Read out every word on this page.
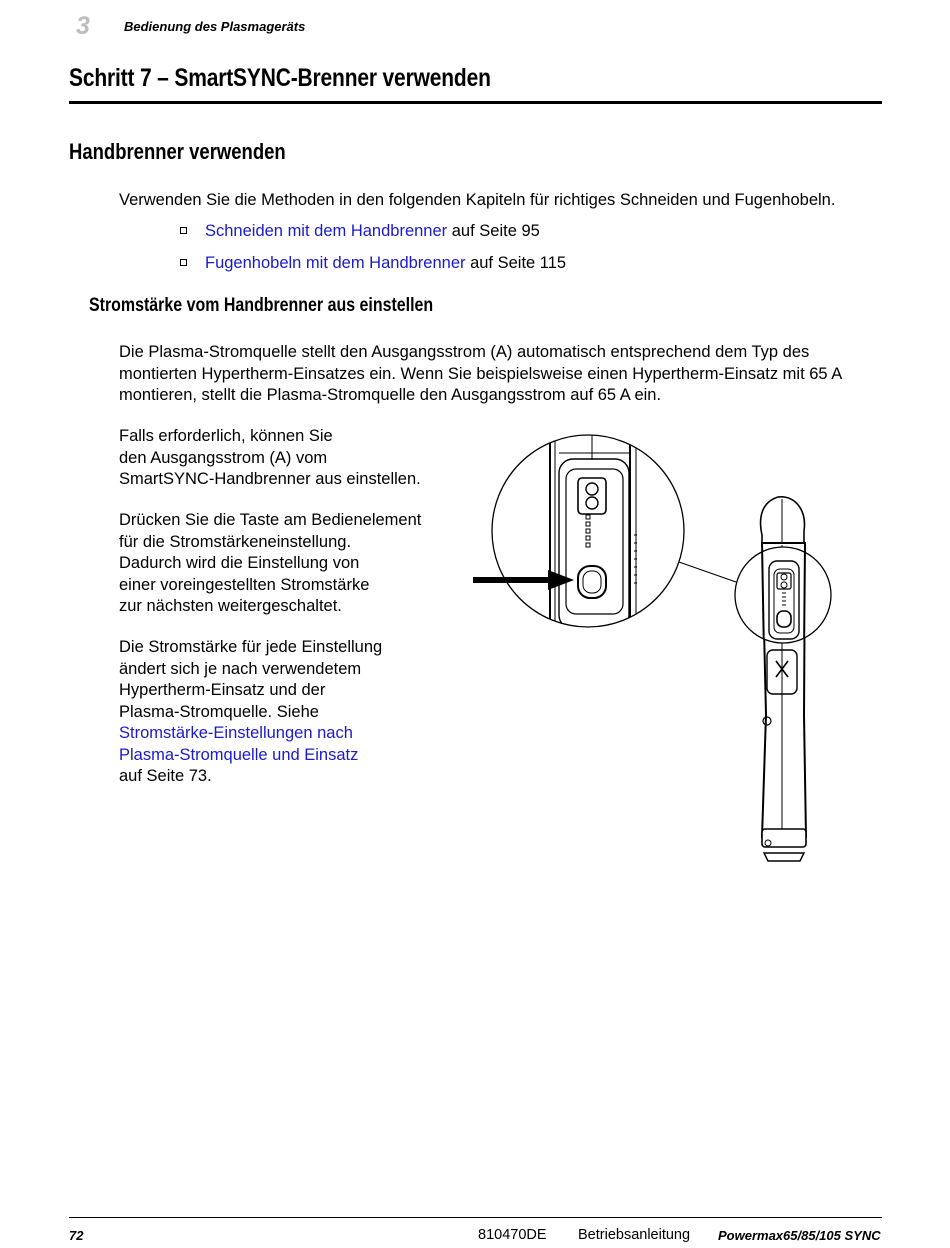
3	Bedienung des Plasmageräts
Schritt 7 – SmartSYNC-Brenner verwenden
Handbrenner verwenden
Verwenden Sie die Methoden in den folgenden Kapiteln für richtiges Schneiden und Fugenhobeln.
Schneiden mit dem Handbrenner auf Seite 95
Fugenhobeln mit dem Handbrenner auf Seite 115
Stromstärke vom Handbrenner aus einstellen
Die Plasma-Stromquelle stellt den Ausgangsstrom (A) automatisch entsprechend dem Typ des
montierten Hypertherm-Einsatzes ein. Wenn Sie beispielsweise einen Hypertherm-Einsatz mit 65 A
montieren, stellt die Plasma-Stromquelle den Ausgangsstrom auf 65 A ein.
Falls erforderlich, können Sie
den Ausgangsstrom (A) vom
SmartSYNC-Handbrenner aus einstellen.
Drücken Sie die Taste am Bedienelement
für die Stromstärkeneinstellung.
Dadurch wird die Einstellung von
einer voreingestellten Stromstärke
zur nächsten weitergeschaltet.
Die Stromstärke für jede Einstellung
ändert sich je nach verwendetem
Hypertherm-Einsatz und der
Plasma-Stromquelle. Siehe
Stromstärke-Einstellungen nach
Plasma-Stromquelle und Einsatz
auf Seite 73.
72	810470DE Betriebsanleitung Powermax65/85/105 SYNC
